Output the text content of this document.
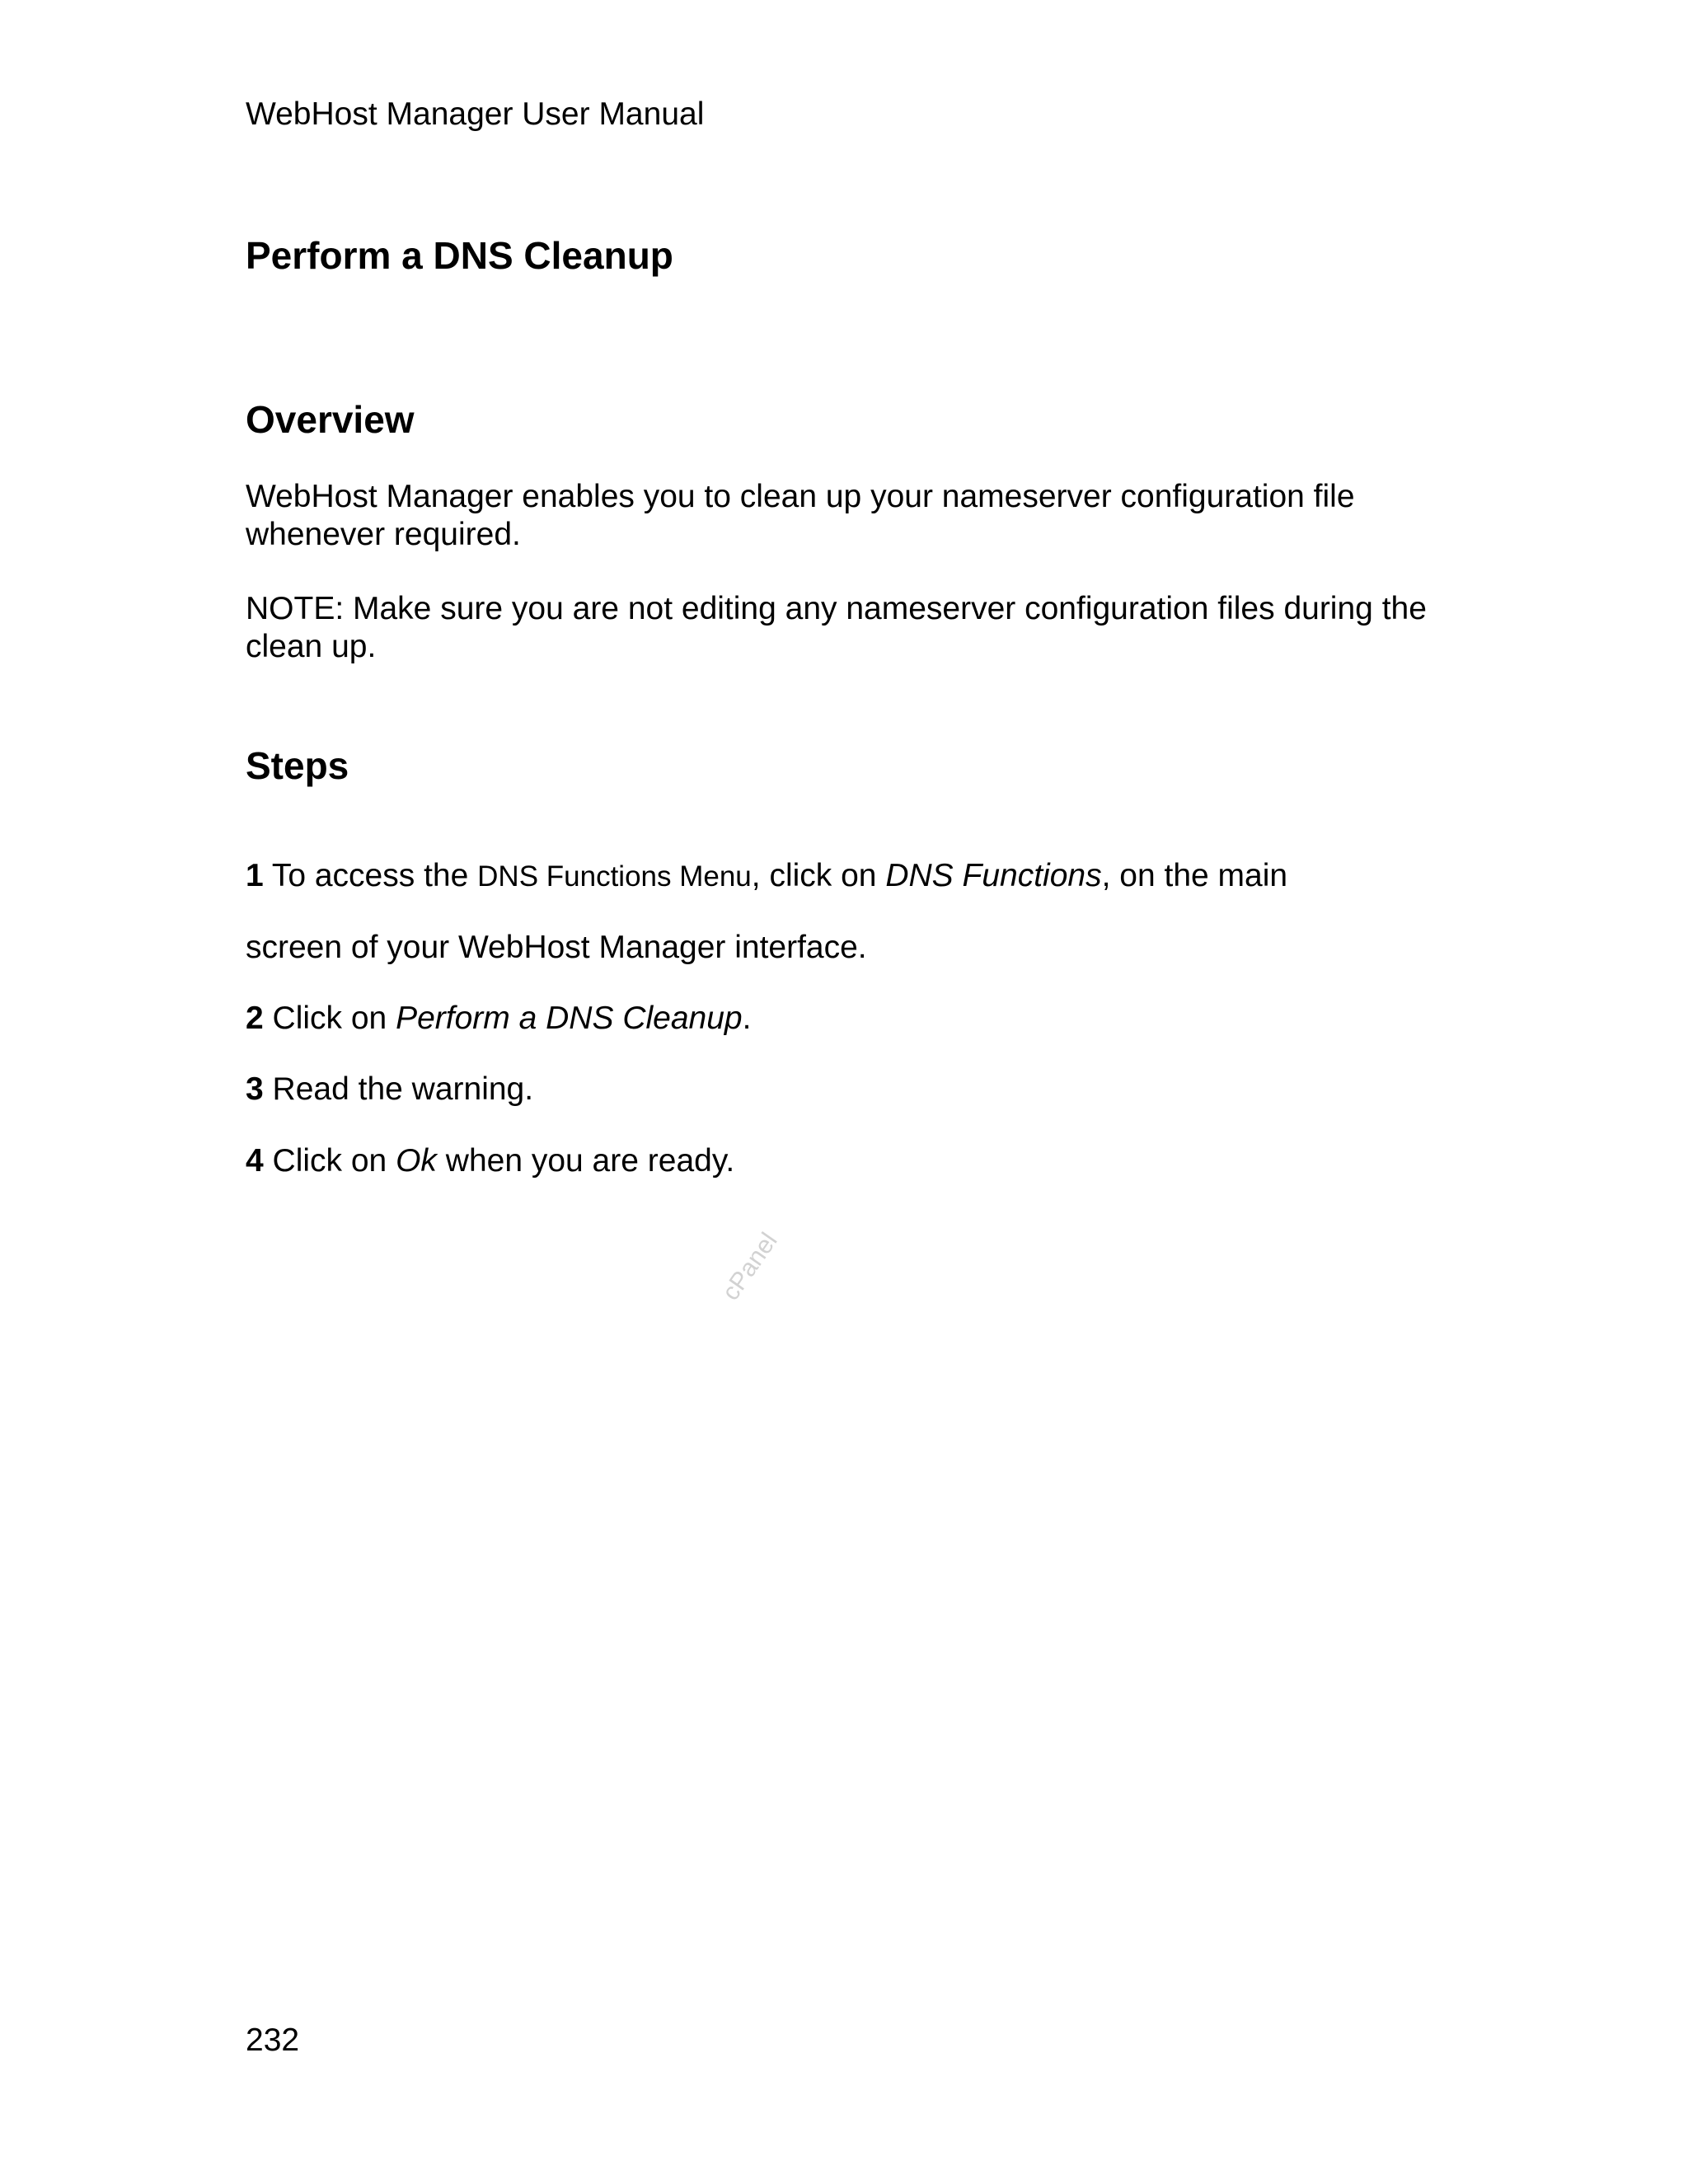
WebHost Manager User Manual

Perform a DNS Cleanup
Overview

WebHost Manager enables you to clean up your nameserver configuration file whenever required.

NOTE: Make sure you are not editing any nameserver configuration files during the clean up.

Steps

1 To access the DNS Functions Menu, click on DNS Functions, on the main

screen of your WebHost Manager interface.

2 Click on Perform a DNS Cleanup.

3 Read the warning.

4 Click on Ok when you are ready.

cPanel

232
